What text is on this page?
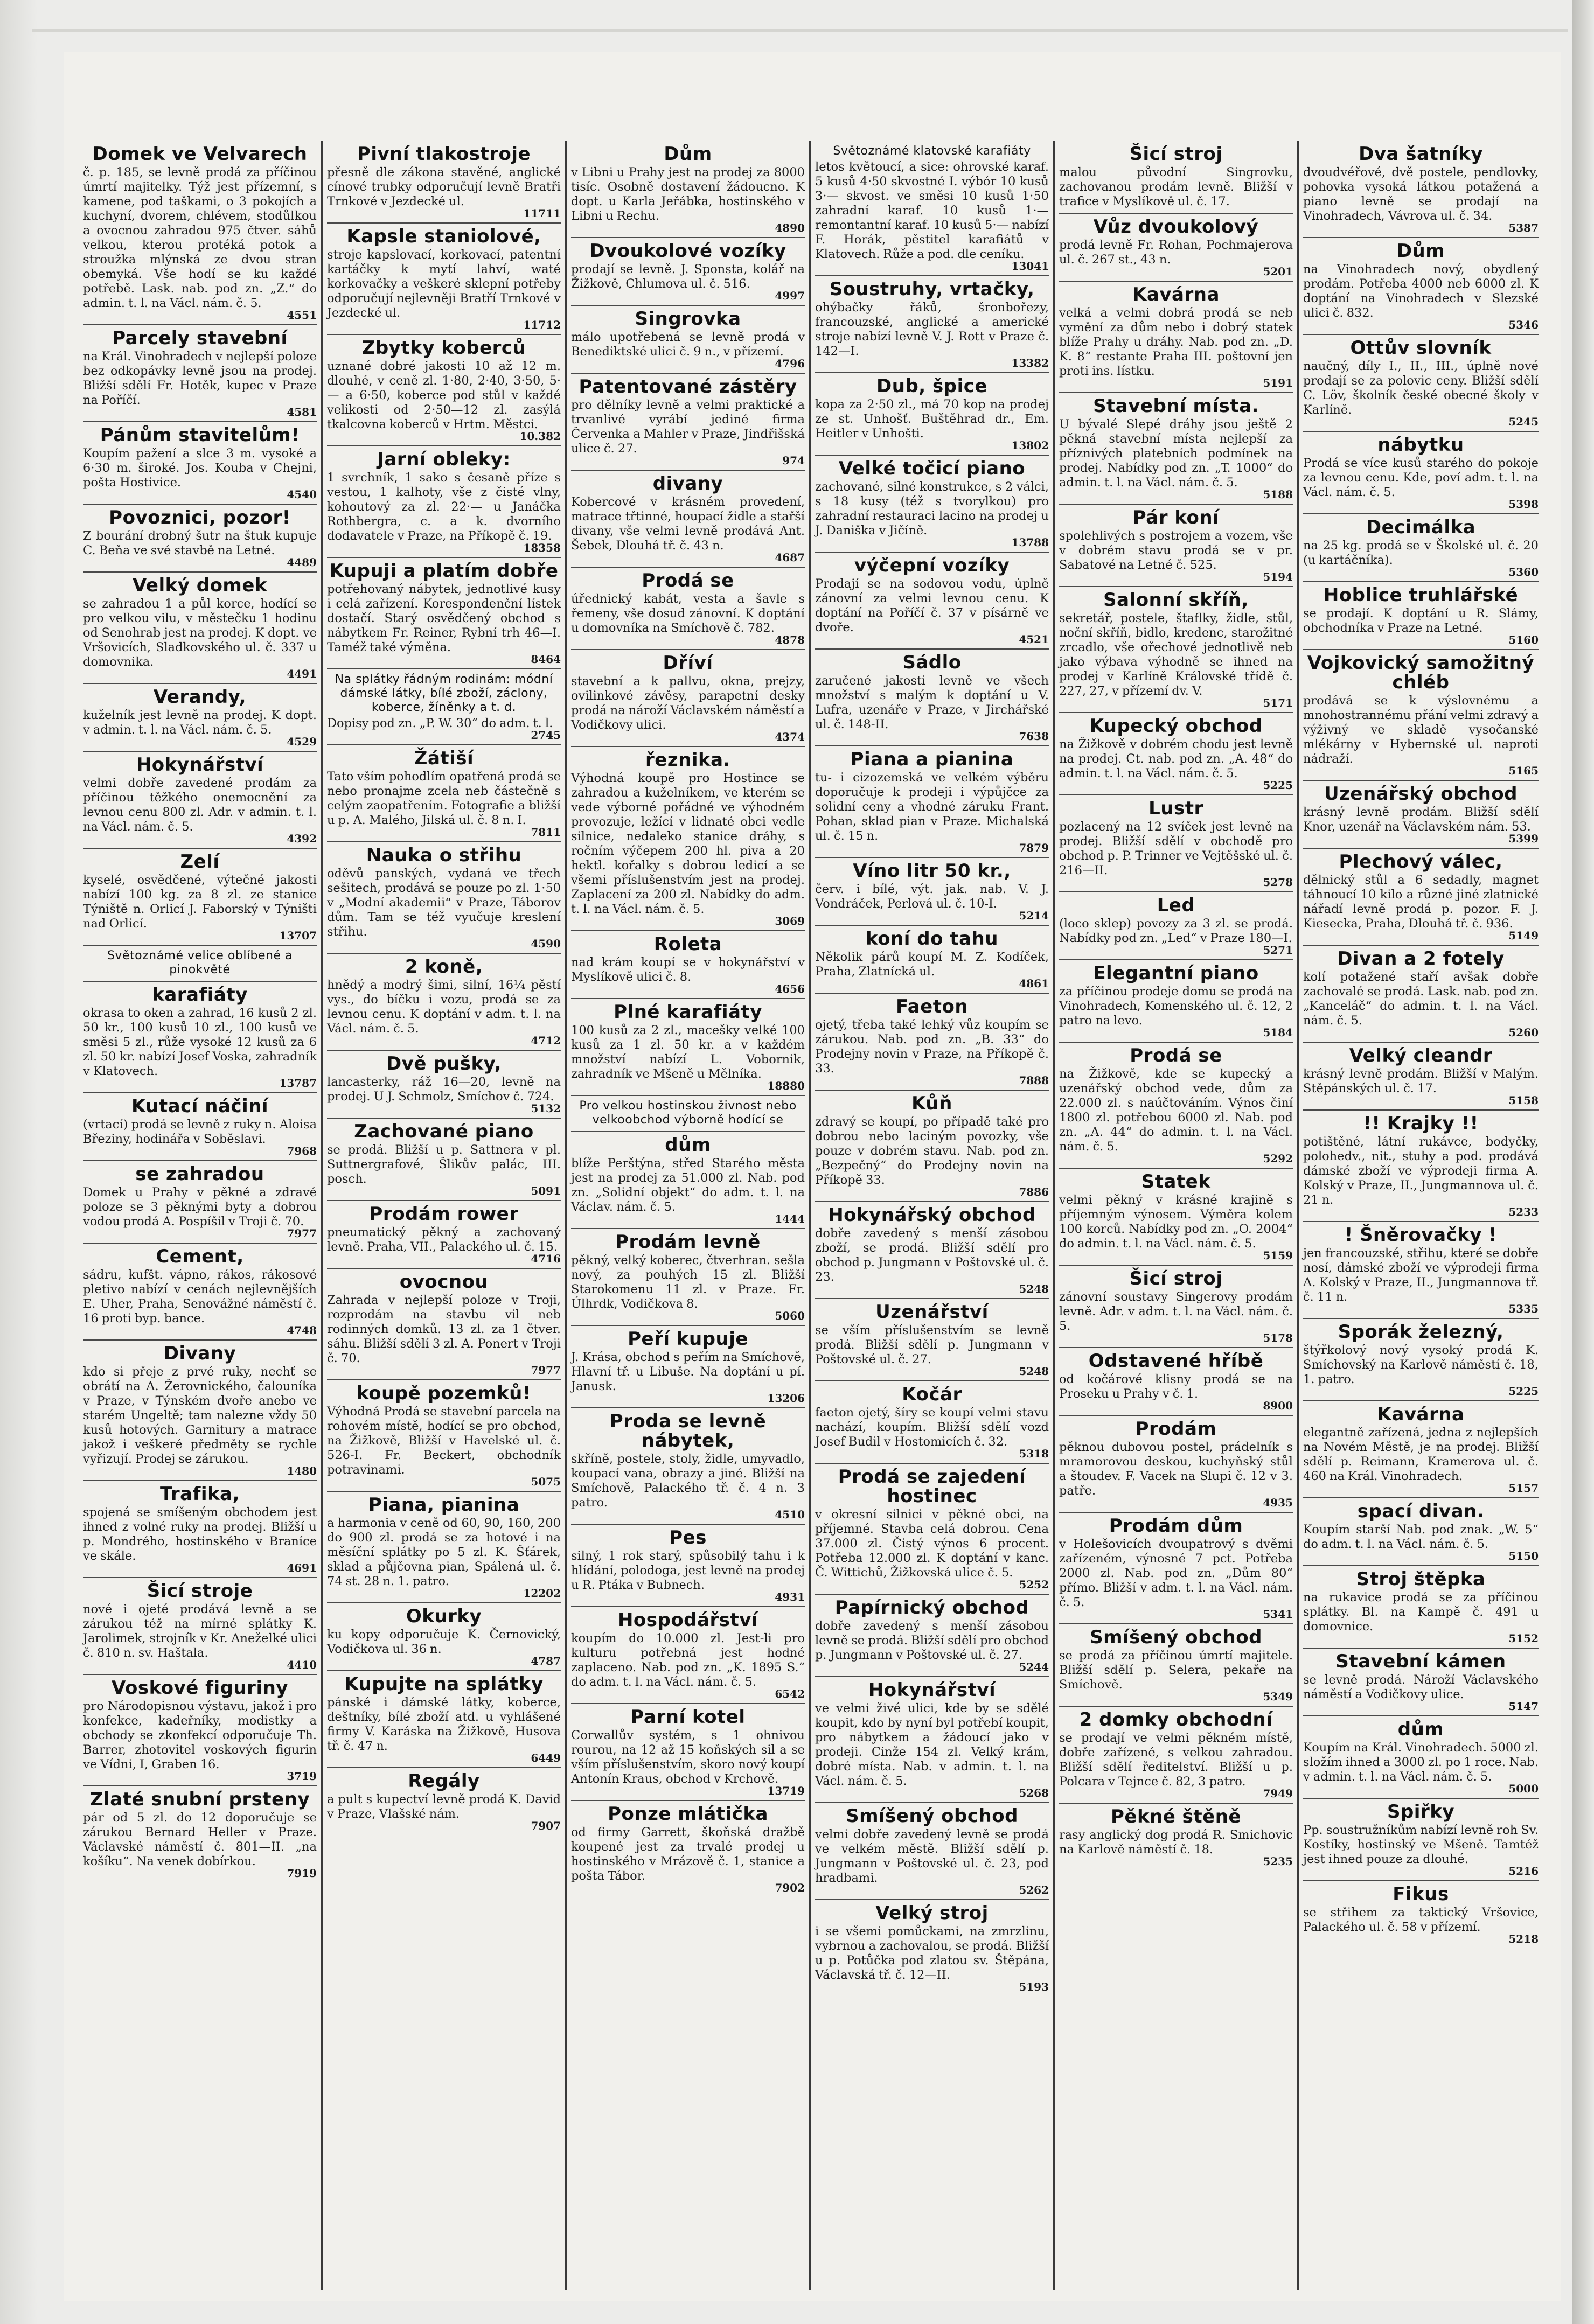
Domek ve Velvarech
č. p. 185, se levně prodá za příčinou úmrtí majitelky. Týž jest přízemní, s kamene, pod taškami, o 3 pokojích a kuchyní, dvorem, chlévem, stodůlkou a ovocnou zahradou 975 čtver. sáhů velkou, kterou protéká potok a stroužka mlýnská ze dvou stran obemyká. Vše hodí se ku každé potřebě. Lask. nab. pod zn. „Z.“ do admin. t. l. na Václ. nám. č. 5.
4551
Parcely stavební
na Král. Vinohradech v nejlepší poloze bez odkopávky levně jsou na prodej. Bližší sdělí Fr. Hotěk, kupec v Praze na Poříčí.
4581
Pánům stavitelům!
Koupím pažení a slce 3 m. vysoké a 6·30 m. široké. Jos. Kouba v Chejni, pošta Hostivice.
4540
Povoznici, pozor!
Z bourání drobný šutr na štuk kupuje C. Beňa ve své stavbě na Letné.
4489
Velký domek
se zahradou 1 a půl korce, hodící se pro velkou vilu, v městečku 1 hodinu od Senohrab jest na prodej. K dopt. ve Vršovicích, Sladkovského ul. č. 337 u domovnika.
4491
Verandy,
kuželník jest levně na prodej. K dopt. v admin. t. l. na Václ. nám. č. 5.
4529
Hokynářství
velmi dobře zavedené prodám za příčinou těžkého onemocnění za levnou cenu 800 zl. Adr. v admin. t. l. na Václ. nám. č. 5.
4392
Zelí
kyselé, osvědčené, výtečné jakosti nabízí 100 kg. za 8 zl. ze stanice Týniště n. Orlicí J. Faborský v Týništi nad Orlicí.
13707
Světoznámé velice oblíbené a pinokvěté
karafiáty
okrasa to oken a zahrad, 16 kusů 2 zl. 50 kr., 100 kusů 10 zl., 100 kusů ve směsi 5 zl., růže vysoké 12 kusů za 6 zl. 50 kr. nabízí Josef Voska, zahradník v Klatovech.
13787
Kutací náčiní
(vrtací) prodá se levně z ruky n. Aloisa Březiny, hodinářa v Soběslavi.
7968
se zahradou
Domek u Prahy v pěkné a zdravé poloze se 3 pěknými byty a dobrou vodou prodá A. Pospíšil v Troji č. 70.
7977
Cement,
sádru, kufšt. vápno, rákos, rákosové pletivo nabízí v cenách nejlevnějších E. Uher, Praha, Senovážné náměstí č. 16 proti byp. bance.
4748
Divany
kdo si přeje z prvé ruky, nechť se obrátí na A. Žerovnického, čalouníka v Praze, v Týnském dvoře anebo ve starém Ungeltě; tam nalezne vždy 50 kusů hotových. Garnitury a matrace jakož i veškeré předměty se rychle vyřizují. Prodej se zárukou.
1480
Trafika,
spojená se smíšeným obchodem jest ihned z volné ruky na prodej. Bližší u p. Mondrého, hostinského v Braníce ve skále.
4691
Šicí stroje
nové i ojeté prodává levně a se zárukou též na mírné splátky K. Jarolimek, strojník v Kr. Aneželké ulici č. 810 n. sv. Haštala.
4410
Voskové figuriny
pro Národopisnou výstavu, jakož i pro konfekce, kadeřníky, modistky a obchody se zkonfekcí odporučuje Th. Barrer, zhotovitel voskových figurin ve Vídni, I, Graben 16.
3719
Zlaté snubní prsteny
pár od 5 zl. do 12 doporučuje se zárukou Bernard Heller v Praze. Václavské náměstí č. 801—II. „na košíku“. Na venek dobírkou.
7919
Pivní tlakostroje
přesně dle zákona stavěné, anglické cínové trubky odporučují levně Bratři Trnkové v Jezdecké ul.
11711
Kapsle staniolové,
stroje kapslovací, korkovací, patentní kartáčky k mytí lahví, waté korkovačky a veškeré sklepní potřeby odporučují nejlevněji Bratří Trnkové v Jezdecké ul.
11712
Zbytky koberců
uznané dobré jakosti 10 až 12 m. dlouhé, v ceně zl. 1·80, 2·40, 3·50, 5·— a 6·50, koberce pod stůl v každé velikosti od 2·50—12 zl. zasýlá tkalcovna koberců v Hrtm. Městci.
10.382
Jarní obleky:
1 svrchník, 1 sako s česaně příze s vestou, 1 kalhoty, vše z čisté vlny, kohoutový za zl. 22·— u Janáčka Rothbergra, c. a k. dvorního dodavatele v Praze, na Příkopě č. 19.
18358
Kupuji a platím dobře
potřehovaný nábytek, jednotlivé kusy i celá zařízení. Korespondenční lístek dostačí. Starý osvědčený obchod s nábytkem Fr. Reiner, Rybní trh 46—I. Taméž také výměna.
8464
Na splátky řádným rodinám: módní dámské látky, bílé zboží, záclony, koberce, žíněnky a t. d.
Dopisy pod zn. „P. W. 30“ do adm. t. l.
2745
Žátiší
Tato vším pohodlím opatřená prodá se nebo pronajme zcela neb částečně s celým zaopatřením. Fotografie a bližší u p. A. Malého, Jilská ul. č. 8 n. I.
7811
Nauka o střihu
oděvů panských, vydaná ve třech sešitech, prodává se pouze po zl. 1·50 v „Modní akademii“ v Praze, Táborov dům. Tam se též vyučuje kreslení střihu.
4590
2 koně,
hnědý a modrý šimi, silní, 16¼ pěstí vys., do bíčku i vozu, prodá se za levnou cenu. K doptání v adm. t. l. na Václ. nám. č. 5.
4712
Dvě pušky,
lancasterky, ráž 16—20, levně na prodej. U J. Schmolz, Smíchov č. 724.
5132
Zachované piano
se prodá. Bližší u p. Sattnera v pl. Suttnergrafové, Šlikův palác, III. posch.
5091
Prodám rower
pneumatický pěkný a zachovaný levně. Praha, VII., Palackého ul. č. 15.
4716
ovocnou
Zahrada v nejlepší poloze v Troji, rozprodám na stavbu vil neb rodinných domků. 13 zl. za 1 čtver. sáhu. Bližší sdělí 3 zl. A. Ponert v Troji č. 70.
7977
koupě pozemků!
Výhodná Prodá se stavební parcela na rohovém místě, hodící se pro obchod, na Žižkově, Bližší v Havelské ul. č. 526-I. Fr. Beckert, obchodník potravinami.
5075
Piana, pianina
a harmonia v ceně od 60, 90, 160, 200 do 900 zl. prodá se za hotové i na měsíční splátky po 5 zl. K. Šťárek, sklad a půjčovna pian, Spálená ul. č. 74 st. 28 n. 1. patro.
12202
Okurky
ku kopy odporučuje K. Černovický, Vodičkova ul. 36 n.
4787
Kupujte na splátky
pánské i dámské látky, koberce, deštníky, bílé zboží atd. u vyhlášené firmy V. Karáska na Žižkově, Husova tř. č. 47 n.
6449
Regály
a pult s kupectví levně prodá K. David v Praze, Vlašské nám.
7907
Dům
v Libni u Prahy jest na prodej za 8000 tisíc. Osobně dostavení žádoucno. K dopt. u Karla Jeřábka, hostinského v Libni u Rechu.
4890
Dvoukolové vozíky
prodají se levně. J. Sponsta, kolář na Žižkově, Chlumova ul. č. 516.
4997
Singrovka
málo upotřebená se levně prodá v Benediktské ulici č. 9 n., v přízemí.
4796
Patentované zástěry
pro dělníky levně a velmi praktické a trvanlivé vyrábí jediné firma Červenka a Mahler v Praze, Jindřišská ulice č. 27.
974
divany
Kobercové v krásném provedení, matrace třtinné, houpací židle a stařší divany, vše velmi levně prodává Ant. Šebek, Dlouhá tř. č. 43 n.
4687
Prodá se
úřednický kabát, vesta a šavle s řemeny, vše dosud zánovní. K doptání u domovníka na Smíchově č. 782.
4878
Dříví
stavební a k pallvu, okna, prejzy, ovilinkové závěsy, parapetní desky prodá na nároží Václavském náměstí a Vodičkovy ulici.
4374
řeznika.
Výhodná koupě pro Hostince se zahradou a kuželníkem, ve kterém se vede výborné pořádné ve výhodném provozuje, ležící v lidnaté obci vedle silnice, nedaleko stanice dráhy, s ročním výčepem 200 hl. piva a 20 hektl. kořalky s dobrou ledicí a se všemi příslušenstvím jest na prodej. Zaplacení za 200 zl. Nabídky do adm. t. l. na Václ. nám. č. 5.
3069
Roleta
nad krám koupí se v hokynářství v Myslíkově ulici č. 8.
4656
Plné karafiáty
100 kusů za 2 zl., macešky velké 100 kusů za 1 zl. 50 kr. a v každém množství nabízí L. Vobornik, zahradník ve Mšeně u Mělníka.
18880
Pro velkou hostinskou živnost nebo velkoobchod výborně hodící se
dům
blíže Perštýna, střed Starého města jest na prodej za 51.000 zl. Nab. pod zn. „Solidní objekt“ do adm. t. l. na Václav. nám. č. 5.
1444
Prodám levně
pěkný, velký koberec, čtverhran. sešla nový, za pouhých 15 zl. Bližší Starokomenu 11 zl. v Praze. Fr. Úlhrdk, Vodičkova 8.
5060
Peří kupuje
J. Krása, obchod s peřím na Smíchově, Hlavní tř. u Libuše. Na doptání u pí. Janusk.
13206
Proda se levně nábytek,
skříně, postele, stoly, židle, umyvadlo, koupací vana, obrazy a jiné. Bližší na Smíchově, Palackého tř. č. 4 n. 3 patro.
4510
Pes
silný, 1 rok starý, spůsobilý tahu i k hlídání, polodoga, jest levně na prodej u R. Ptáka v Bubnech.
4931
Hospodářství
koupím do 10.000 zl. Jest-li pro kulturu potřebná jest hodné zaplaceno. Nab. pod zn. „K. 1895 S.“ do adm. t. l. na Václ. nám. č. 5.
6542
Parní kotel
Corwallův systém, s 1 ohnivou rourou, na 12 až 15 koňských sil a se vším příslušenstvím, skoro nový koupí Antonín Kraus, obchod v Krchově.
13719
Ponze mlátička
od firmy Garrett, škoňská dražbě koupené jest za trvalé prodej u hostinského v Mrázově č. 1, stanice a pošta Tábor.
7902
Světoznámé klatovské karafiáty
letos květoucí, a sice: ohrovské karaf. 5 kusů 4·50 skvostné I. výbór 10 kusů 3·— skvost. ve směsi 10 kusů 1·50 zahradní karaf. 10 kusů 1·— remontantní karaf. 10 kusů 5·— nabízí F. Horák, pěstitel karafiátů v Klatovech. Růže a pod. dle ceníku.
13041
Soustruhy, vrtačky,
ohýbačky řáků, šronbořezy, francouzské, anglické a americké stroje nabízí levně V. J. Rott v Praze č. 142—I.
13382
Dub, špice
kopa za 2·50 zl., má 70 kop na prodej ze st. Unhošť. Buštěhrad dr., Em. Heitler v Unhošti.
13802
Velké točicí piano
zachované, silné konstrukce, s 2 válci, s 18 kusy (též s tvorylkou) pro zahradní restauraci lacino na prodej u J. Daniška v Jičíně.
13788
výčepní vozíky
Prodají se na sodovou vodu, úplně zánovní za velmi levnou cenu. K doptání na Poříčí č. 37 v písárně ve dvoře.
4521
Sádlo
zaručené jakosti levně ve všech množství s malým k doptání u V. Lufra, uzenáře v Praze, v Jirchářské ul. č. 148-II.
7638
Piana a pianina
tu- i cizozemská ve velkém výběru doporučuje k prodeji i výpůjčce za solidní ceny a vhodné záruku Frant. Pohan, sklad pian v Praze. Michalská ul. č. 15 n.
7879
Víno litr 50 kr.,
červ. i bílé, výt. jak. nab. V. J. Vondráček, Perlová ul. č. 10-I.
5214
koní do tahu
Několik párů koupí M. Z. Kodíček, Praha, Zlatnícká ul.
4861
Faeton
ojetý, třeba také lehký vůz koupím se zárukou. Nab. pod zn. „B. 33“ do Prodejny novin v Praze, na Příkopě č. 33.
7888
Kůň
zdravý se koupí, po případě také pro dobrou nebo laciným povozky, vše pouze v dobrém stavu. Nab. pod zn. „Bezpečný“ do Prodejny novin na Příkopě 33.
7886
Hokynářský obchod
dobře zavedený s menší zásobou zboží, se prodá. Bližší sdělí pro obchod p. Jungmann v Poštovské ul. č. 23.
5248
Uzenářství
se vším příslušenstvím se levně prodá. Bližší sdělí p. Jungmann v Poštovské ul. č. 27.
5248
Kočár
faeton ojetý, šíry se koupí velmi stavu nachází, koupím. Bližší sdělí vozd Josef Budil v Hostomicích č. 32.
5318
Prodá se zajedení hostinec
v okresní silnici v pěkné obci, na příjemné. Stavba celá dobrou. Cena 37.000 zl. Čistý výnos 6 procent. Potřeba 12.000 zl. K doptání v kanc. Č. Wittichů, Žižkovská ulice č. 5.
5252
Papírnický obchod
dobře zavedený s menší zásobou levně se prodá. Bližší sdělí pro obchod p. Jungmann v Poštovské ul. č. 27.
5244
Hokynářství
ve velmi živé ulici, kde by se sdělé koupit, kdo by nyní byl potřebí koupit, pro nábytkem a žádoucí jako v prodeji. Cinže 154 zl. Velký krám, dobré místa. Nab. v admin. t. l. na Václ. nám. č. 5.
5268
Smíšený obchod
velmi dobře zavedený levně se prodá ve velkém městě. Bližší sdělí p. Jungmann v Poštovské ul. č. 23, pod hradbami.
5262
Velký stroj
i se všemi pomůckami, na zmrzlinu, vybrnou a zachovalou, se prodá. Bližší u p. Potůčka pod zlatou sv. Štěpána, Václavská tř. č. 12—II.
5193
Šicí stroj
malou původní Singrovku, zachovanou prodám levně. Bližší v trafice v Myslíkově ul. č. 17.
Vůz dvoukolový
prodá levně Fr. Rohan, Pochmajerova ul. č. 267 st., 43 n.
5201
Kavárna
velká a velmi dobrá prodá se neb vymění za dům nebo i dobrý statek blíže Prahy u dráhy. Nab. pod zn. „D. K. 8“ restante Praha III. poštovní jen proti ins. lístku.
5191
Stavební místa.
U bývalé Slepé dráhy jsou ještě 2 pěkná stavební místa nejlepší za příznivých platebních podmínek na prodej. Nabídky pod zn. „T. 1000“ do admin. t. l. na Václ. nám. č. 5.
5188
Pár koní
spolehlivých s postrojem a vozem, vše v dobrém stavu prodá se v pr. Sabatové na Letné č. 525.
5194
Salonní skříň,
sekretář, postele, štaflky, židle, stůl, noční skříň, bidlo, kredenc, starožitné zrcadlo, vše ořechové jednotlivě neb jako výbava výhodně se ihned na prodej v Karlíně Královské třídě č. 227, 27, v přízemí dv. V.
5171
Kupecký obchod
na Žižkově v dobrém chodu jest levně na prodej. Ct. nab. pod zn. „A. 48“ do admin. t. l. na Václ. nám. č. 5.
5225
Lustr
pozlacený na 12 svíček jest levně na prodej. Bližší sdělí v obchodě pro obchod p. P. Trinner ve Vejtěšské ul. č. 216—II.
5278
Led
(loco sklep) povozy za 3 zl. se prodá. Nabídky pod zn. „Led“ v Praze 180—I.
5271
Elegantní piano
za příčinou prodeje domu se prodá na Vinohradech, Komenského ul. č. 12, 2 patro na levo.
5184
Prodá se
na Žižkově, kde se kupecký a uzenářský obchod vede, dům za 22.000 zl. s naúčtováním. Výnos činí 1800 zl. potřebou 6000 zl. Nab. pod zn. „A. 44“ do admin. t. l. na Václ. nám. č. 5.
5292
Statek
velmi pěkný v krásné krajině s příjemným výnosem. Výměra kolem 100 korců. Nabídky pod zn. „O. 2004“ do admin. t. l. na Václ. nám. č. 5.
5159
Šicí stroj
zánovní soustavy Singerovy prodám levně. Adr. v adm. t. l. na Václ. nám. č. 5.
5178
Odstavené hříbě
od kočárové klisny prodá se na Proseku u Prahy v č. 1.
8900
Prodám
pěknou dubovou postel, prádelník s mramorovou deskou, kuchyňský stůl a štoudev. F. Vacek na Slupi č. 12 v 3. patře.
4935
Prodám dům
v Holešovicích dvoupatrový s dvěmi zařízeném, výnosné 7 pct. Potřeba 2000 zl. Nab. pod zn. „Dům 80“ přímo. Bližší v adm. t. l. na Václ. nám. č. 5.
5341
Smíšený obchod
se prodá za příčinou úmrtí majitele. Bližší sdělí p. Selera, pekaře na Smíchově.
5349
2 domky obchodní
se prodají ve velmi pěkném místě, dobře zařízené, s velkou zahradou. Bližší sdělí ředitelství. Bližší u p. Polcara v Tejnce č. 82, 3 patro.
7949
Pěkné štěně
rasy anglický dog prodá R. Smichovic na Karlově náměstí č. 18.
5235
Dva šatníky
dvoudvéřové, dvě postele, pendlovky, pohovka vysoká látkou potažená a piano levně se prodají na Vinohradech, Vávrova ul. č. 34.
5387
Dům
na Vinohradech nový, obydlený prodám. Potřeba 4000 neb 6000 zl. K doptání na Vinohradech v Slezské ulici č. 832.
5346
Ottův slovník
naučný, díly I., II., III., úplně nové prodají se za polovic ceny. Bližší sdělí C. Löv, školník české obecné školy v Karlíně.
5245
nábytku
Prodá se více kusů starého do pokoje za levnou cenu. Kde, poví adm. t. l. na Václ. nám. č. 5.
5398
Decimálka
na 25 kg. prodá se v Školské ul. č. 20 (u kartáčníka).
5360
Hoblice truhlářské
se prodají. K doptání u R. Slámy, obchodníka v Praze na Letné.
5160
Vojkovický samožitný chléb
prodává se k výslovnému a mnohostrannému přání velmi zdravý a výživný ve skladě vysočanské mlékárny v Hybernské ul. naproti nádraží.
5165
Uzenářský obchod
krásný levně prodám. Bližší sdělí Knor, uzenář na Václavském nám. 53.
5399
Plechový válec,
dělnický stůl a 6 sedadly, magnet táhnoucí 10 kilo a různé jiné zlatnické nářadí levně prodá p. pozor. F. J. Kiesecka, Praha, Dlouhá tř. č. 936.
5149
Divan a 2 fotely
kolí potažené staří avšak dobře zachovalé se prodá. Lask. nab. pod zn. „Kanceláč“ do admin. t. l. na Václ. nám. č. 5.
5260
Velký cleandr
krásný levně prodám. Bližší v Malým. Stěpánských ul. č. 17.
5158
!! Krajky !!
potištěné, látní rukávce, bodyčky, polohedv., nit., stuhy a pod. prodává dámské zboží ve výprodeji firma A. Kolský v Praze, II., Jungmannova ul. č. 21 n.
5233
! Šněrovačky !
jen francouzské, střihu, které se dobře nosí, dámské zboží ve výprodeji firma A. Kolský v Praze, II., Jungmannova tř. č. 11 n.
5335
Sporák železný,
štýřkolový nový vysoký prodá K. Smíchovský na Karlově náměstí č. 18, 1. patro.
5225
Kavárna
elegantně zařízená, jedna z nejlepších na Novém Městě, je na prodej. Bližší sdělí p. Reimann, Kramerova ul. č. 460 na Král. Vinohradech.
5157
spací divan.
Koupím starší Nab. pod znak. „W. 5“ do adm. t. l. na Václ. nám. č. 5.
5150
Stroj štěpka
na rukavice prodá se za příčinou splátky. Bl. na Kampě č. 491 u domovnice.
5152
Stavební kámen
se levně prodá. Nároží Václavského náměstí a Vodičkovy ulice.
5147
dům
Koupím na Král. Vinohradech. 5000 zl. složím ihned a 3000 zl. po 1 roce. Nab. v admin. t. l. na Václ. nám. č. 5.
5000
Spiřky
Pp. soustružníkům nabízí levně roh Sv. Kostíky, hostinský ve Mšeně. Tamtéž jest ihned pouze za dlouhé.
5216
Fikus
se střihem za taktický Vršovice, Palackého ul. č. 58 v přízemí.
5218
